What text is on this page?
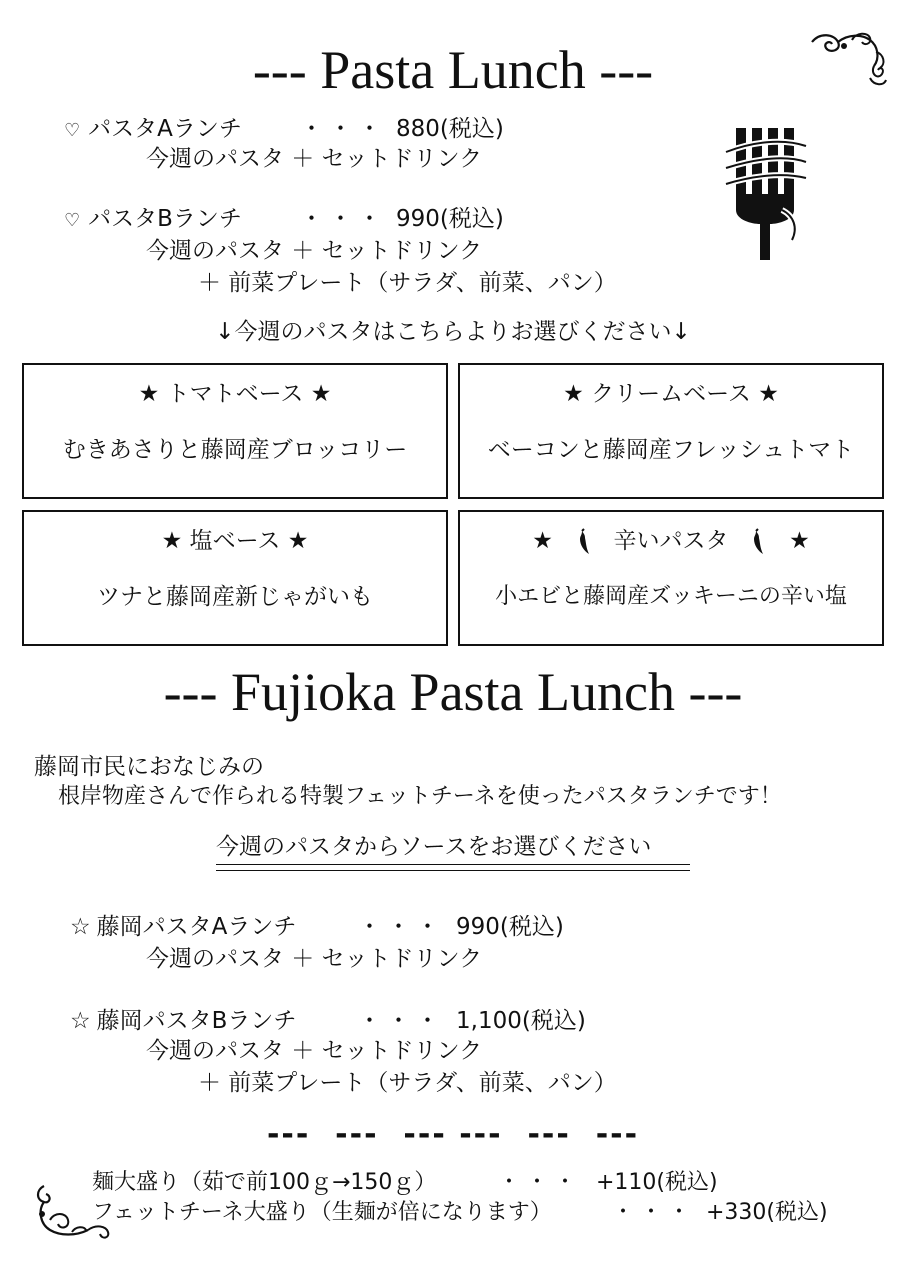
--- Pasta Lunch ---
♡ パスタAランチ	・・・ 880(税込)
今週のパスタ ＋ セットドリンク
♡ パスタBランチ	・・・ 990(税込)
今週のパスタ ＋ セットドリンク
＋ 前菜プレート（サラダ、前菜、パン）
↓今週のパスタはこちらよりお選びください↓
★ トマトベース ★
むきあさりと藤岡産ブロッコリー
★ クリームベース ★
ベーコンと藤岡産フレッシュトマト
★ 塩ベース ★
ツナと藤岡産新じゃがいも
★	辛いパスタ	★
小エビと藤岡産ズッキーニの辛い塩
--- Fujioka Pasta Lunch ---
藤岡市民におなじみの
根岸物産さんで作られる特製フェットチーネを使ったパスタランチです！
今週のパスタからソースをお選びください
☆ 藤岡パスタAランチ	・・・ 990(税込)
今週のパスタ ＋ セットドリンク
☆ 藤岡パスタBランチ	・・・ 1,100(税込)
今週のパスタ ＋ セットドリンク
＋ 前菜プレート（サラダ、前菜、パン）
---  ---  --- ---  ---  ---
麺大盛り（茹で前100ｇ→150ｇ）	・・・ +110(税込)
フェットチーネ大盛り（生麺が倍になります）	・・・ +330(税込)
